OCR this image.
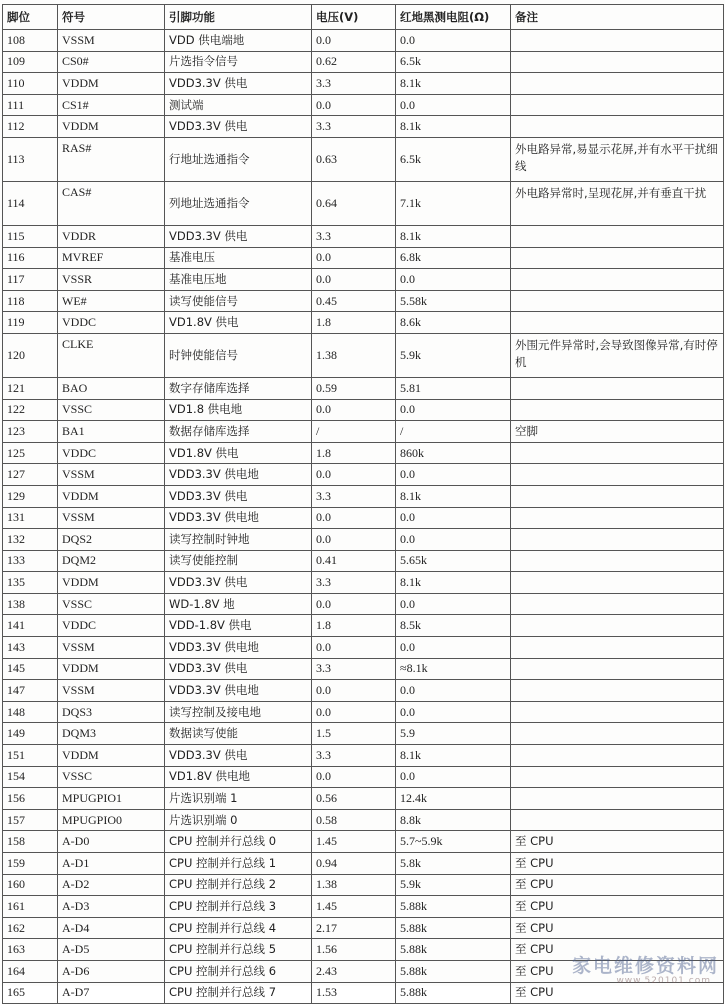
脚位	符号	引脚功能	电压(V)	红地黑测电阻(Ω)	备注
108	VSSM	VDD 供电端地	0.0	0.0	
109	CS0#	片选指令信号	0.62	6.5k	
110	VDDM	VDD3.3V 供电	3.3	8.1k	
111	CS1#	测试端	0.0	0.0	
112	VDDM	VDD3.3V 供电	3.3	8.1k	
113	RAS#	行地址选通指令	0.63	6.5k	外电路异常,易显示花屏,并有水平干扰细线
114	CAS#	列地址选通指令	0.64	7.1k	外电路异常时,呈现花屏,并有垂直干扰
115	VDDR	VDD3.3V 供电	3.3	8.1k	
116	MVREF	基准电压	0.0	6.8k	
117	VSSR	基准电压地	0.0	0.0	
118	WE#	读写使能信号	0.45	5.58k	
119	VDDC	VD1.8V 供电	1.8	8.6k	
120	CLKE	时钟使能信号	1.38	5.9k	外围元件异常时,会导致图像异常,有时停机
121	BAO	数字存储库选择	0.59	5.81	
122	VSSC	VD1.8 供电地	0.0	0.0	
123	BA1	数据存储库选择	/	/	空脚
125	VDDC	VD1.8V 供电	1.8	860k	
127	VSSM	VDD3.3V 供电地	0.0	0.0	
129	VDDM	VDD3.3V 供电	3.3	8.1k	
131	VSSM	VDD3.3V 供电地	0.0	0.0	
132	DQS2	读写控制时钟地	0.0	0.0	
133	DQM2	读写使能控制	0.41	5.65k	
135	VDDM	VDD3.3V 供电	3.3	8.1k	
138	VSSC	WD-1.8V 地	0.0	0.0	
141	VDDC	VDD-1.8V 供电	1.8	8.5k	
143	VSSM	VDD3.3V 供电地	0.0	0.0	
145	VDDM	VDD3.3V 供电	3.3	≈8.1k	
147	VSSM	VDD3.3V 供电地	0.0	0.0	
148	DQS3	读写控制及接电地	0.0	0.0	
149	DQM3	数据读写使能	1.5	5.9	
151	VDDM	VDD3.3V 供电	3.3	8.1k	
154	VSSC	VD1.8V 供电地	0.0	0.0	
156	MPUGPIO1	片选识别端 1	0.56	12.4k	
157	MPUGPIO0	片选识别端 0	0.58	8.8k	
158	A-D0	CPU 控制并行总线 0	1.45	5.7~5.9k	至 CPU
159	A-D1	CPU 控制并行总线 1	0.94	5.8k	至 CPU
160	A-D2	CPU 控制并行总线 2	1.38	5.9k	至 CPU
161	A-D3	CPU 控制并行总线 3	1.45	5.88k	至 CPU
162	A-D4	CPU 控制并行总线 4	2.17	5.88k	至 CPU
163	A-D5	CPU 控制并行总线 5	1.56	5.88k	至 CPU
164	A-D6	CPU 控制并行总线 6	2.43	5.88k	至 CPU
165	A-D7	CPU 控制并行总线 7	1.53	5.88k	至 CPU
家电维修资料网
www.520101.com
